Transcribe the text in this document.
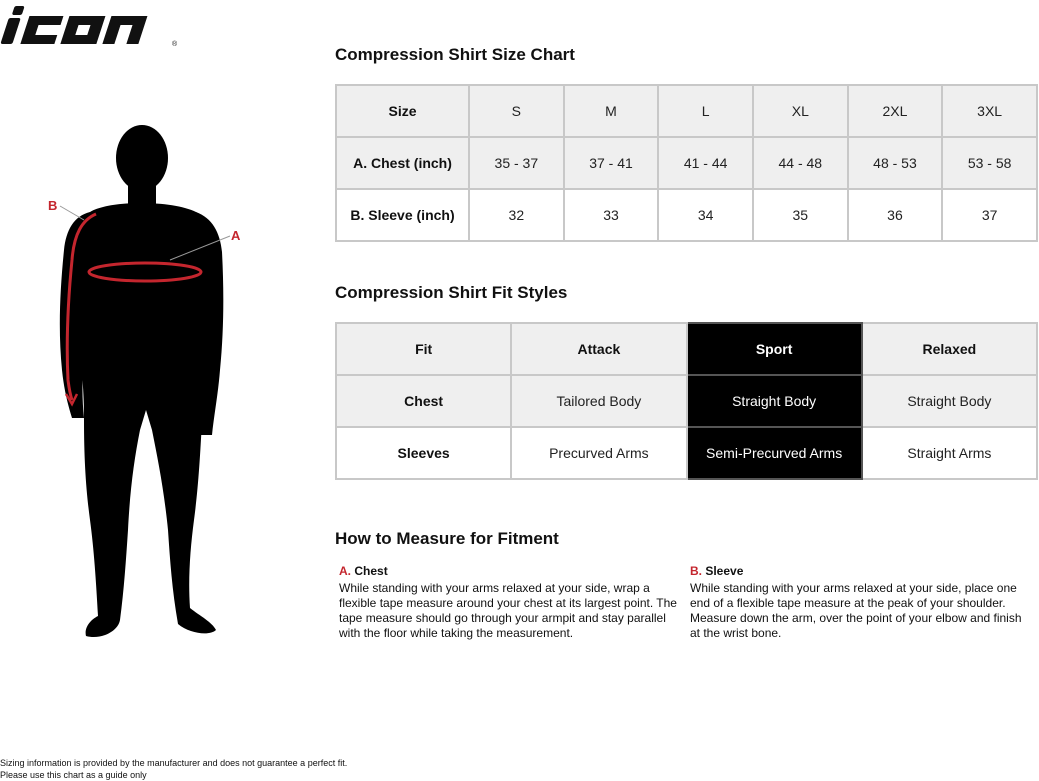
®
B
A
Compression Shirt Size Chart
Size	S	M	L	XL	2XL	3XL
A. Chest (inch)	35 - 37	37 - 41	41 - 44	44 - 48	48 - 53	53 - 58
B. Sleeve (inch)	32	33	34	35	36	37
Compression Shirt Fit Styles
Fit	Attack	Sport	Relaxed
Chest	Tailored Body	Straight Body	Straight Body
Sleeves	Precurved Arms	Semi-Precurved Arms	Straight Arms
How to Measure for Fitment

A. Chest

While standing with your arms relaxed at your side, wrap a flexible tape measure around your chest at its largest point. The tape measure should go through your armpit and stay parallel with the floor while taking the measurement.

B. Sleeve

While standing with your arms relaxed at your side, place one end of a flexible tape measure at the peak of your shoulder. Measure down the arm, over the point of your elbow and finish at the wrist bone.

Sizing information is provided by the manufacturer and does not guarantee a perfect fit.
Please use this chart as a guide only
